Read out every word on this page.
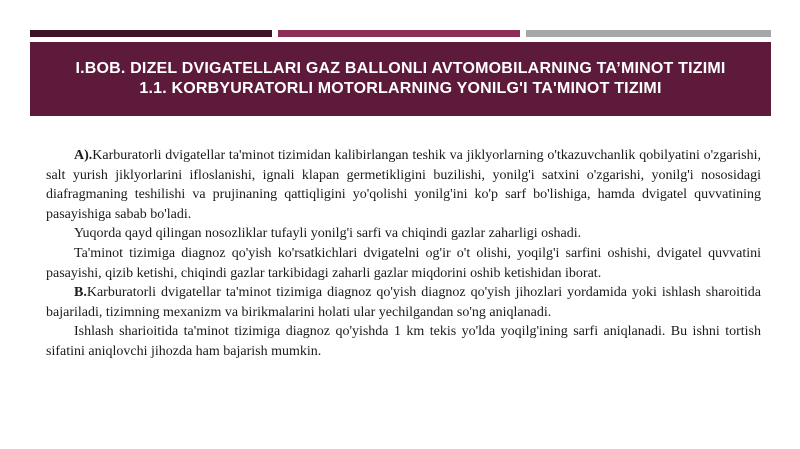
I.BOB. DIZEL DVIGATELLARI GAZ BALLONLI AVTOMOBILARNING TA’MINOT TIZIMI
1.1. KORBYURATORLI MOTORLARNING YONILG'I TA'MINOT TIZIMI

A).Karburatorli dvigatellar ta'minot tizimidan kalibirlangan teshik va jiklyorlarning o'tkazuvchanlik qobilyatini o'zgarishi, salt yurish jiklyorlarini ifloslanishi, ignali klapan germetikligini buzilishi, yonilg'i satxini o'zgarishi, yonilg'i nososidagi diafragmaning teshilishi va prujinaning qattiqligini yo'qolishi yonilg'ini ko'p sarf bo'lishiga, hamda dvigatel quvvatining pasayishiga sabab bo'ladi.

Yuqorda qayd qilingan nosozliklar tufayli yonilg'i sarfi va chiqindi gazlar zaharligi oshadi.

Ta'minot tizimiga diagnoz qo'yish ko'rsatkichlari dvigatelni og'ir o't olishi, yoqilg'i sarfini oshishi, dvigatel quvvatini pasayishi, qizib ketishi, chiqindi gazlar tarkibidagi zaharli gazlar miqdorini oshib ketishidan iborat.

B.Karburatorli dvigatellar ta'minot tizimiga diagnoz qo'yish diagnoz qo'yish jihozlari yordamida yoki ishlash sharoitida bajariladi, tizimning mexanizm va birikmalarini holati ular yechilgandan so'ng aniqlanadi.

Ishlash sharioitida ta'minot tizimiga diagnoz qo'yishda 1 km tekis yo'lda yoqilg'ining sarfi aniqlanadi. Bu ishni tortish sifatini aniqlovchi jihozda ham bajarish mumkin.
